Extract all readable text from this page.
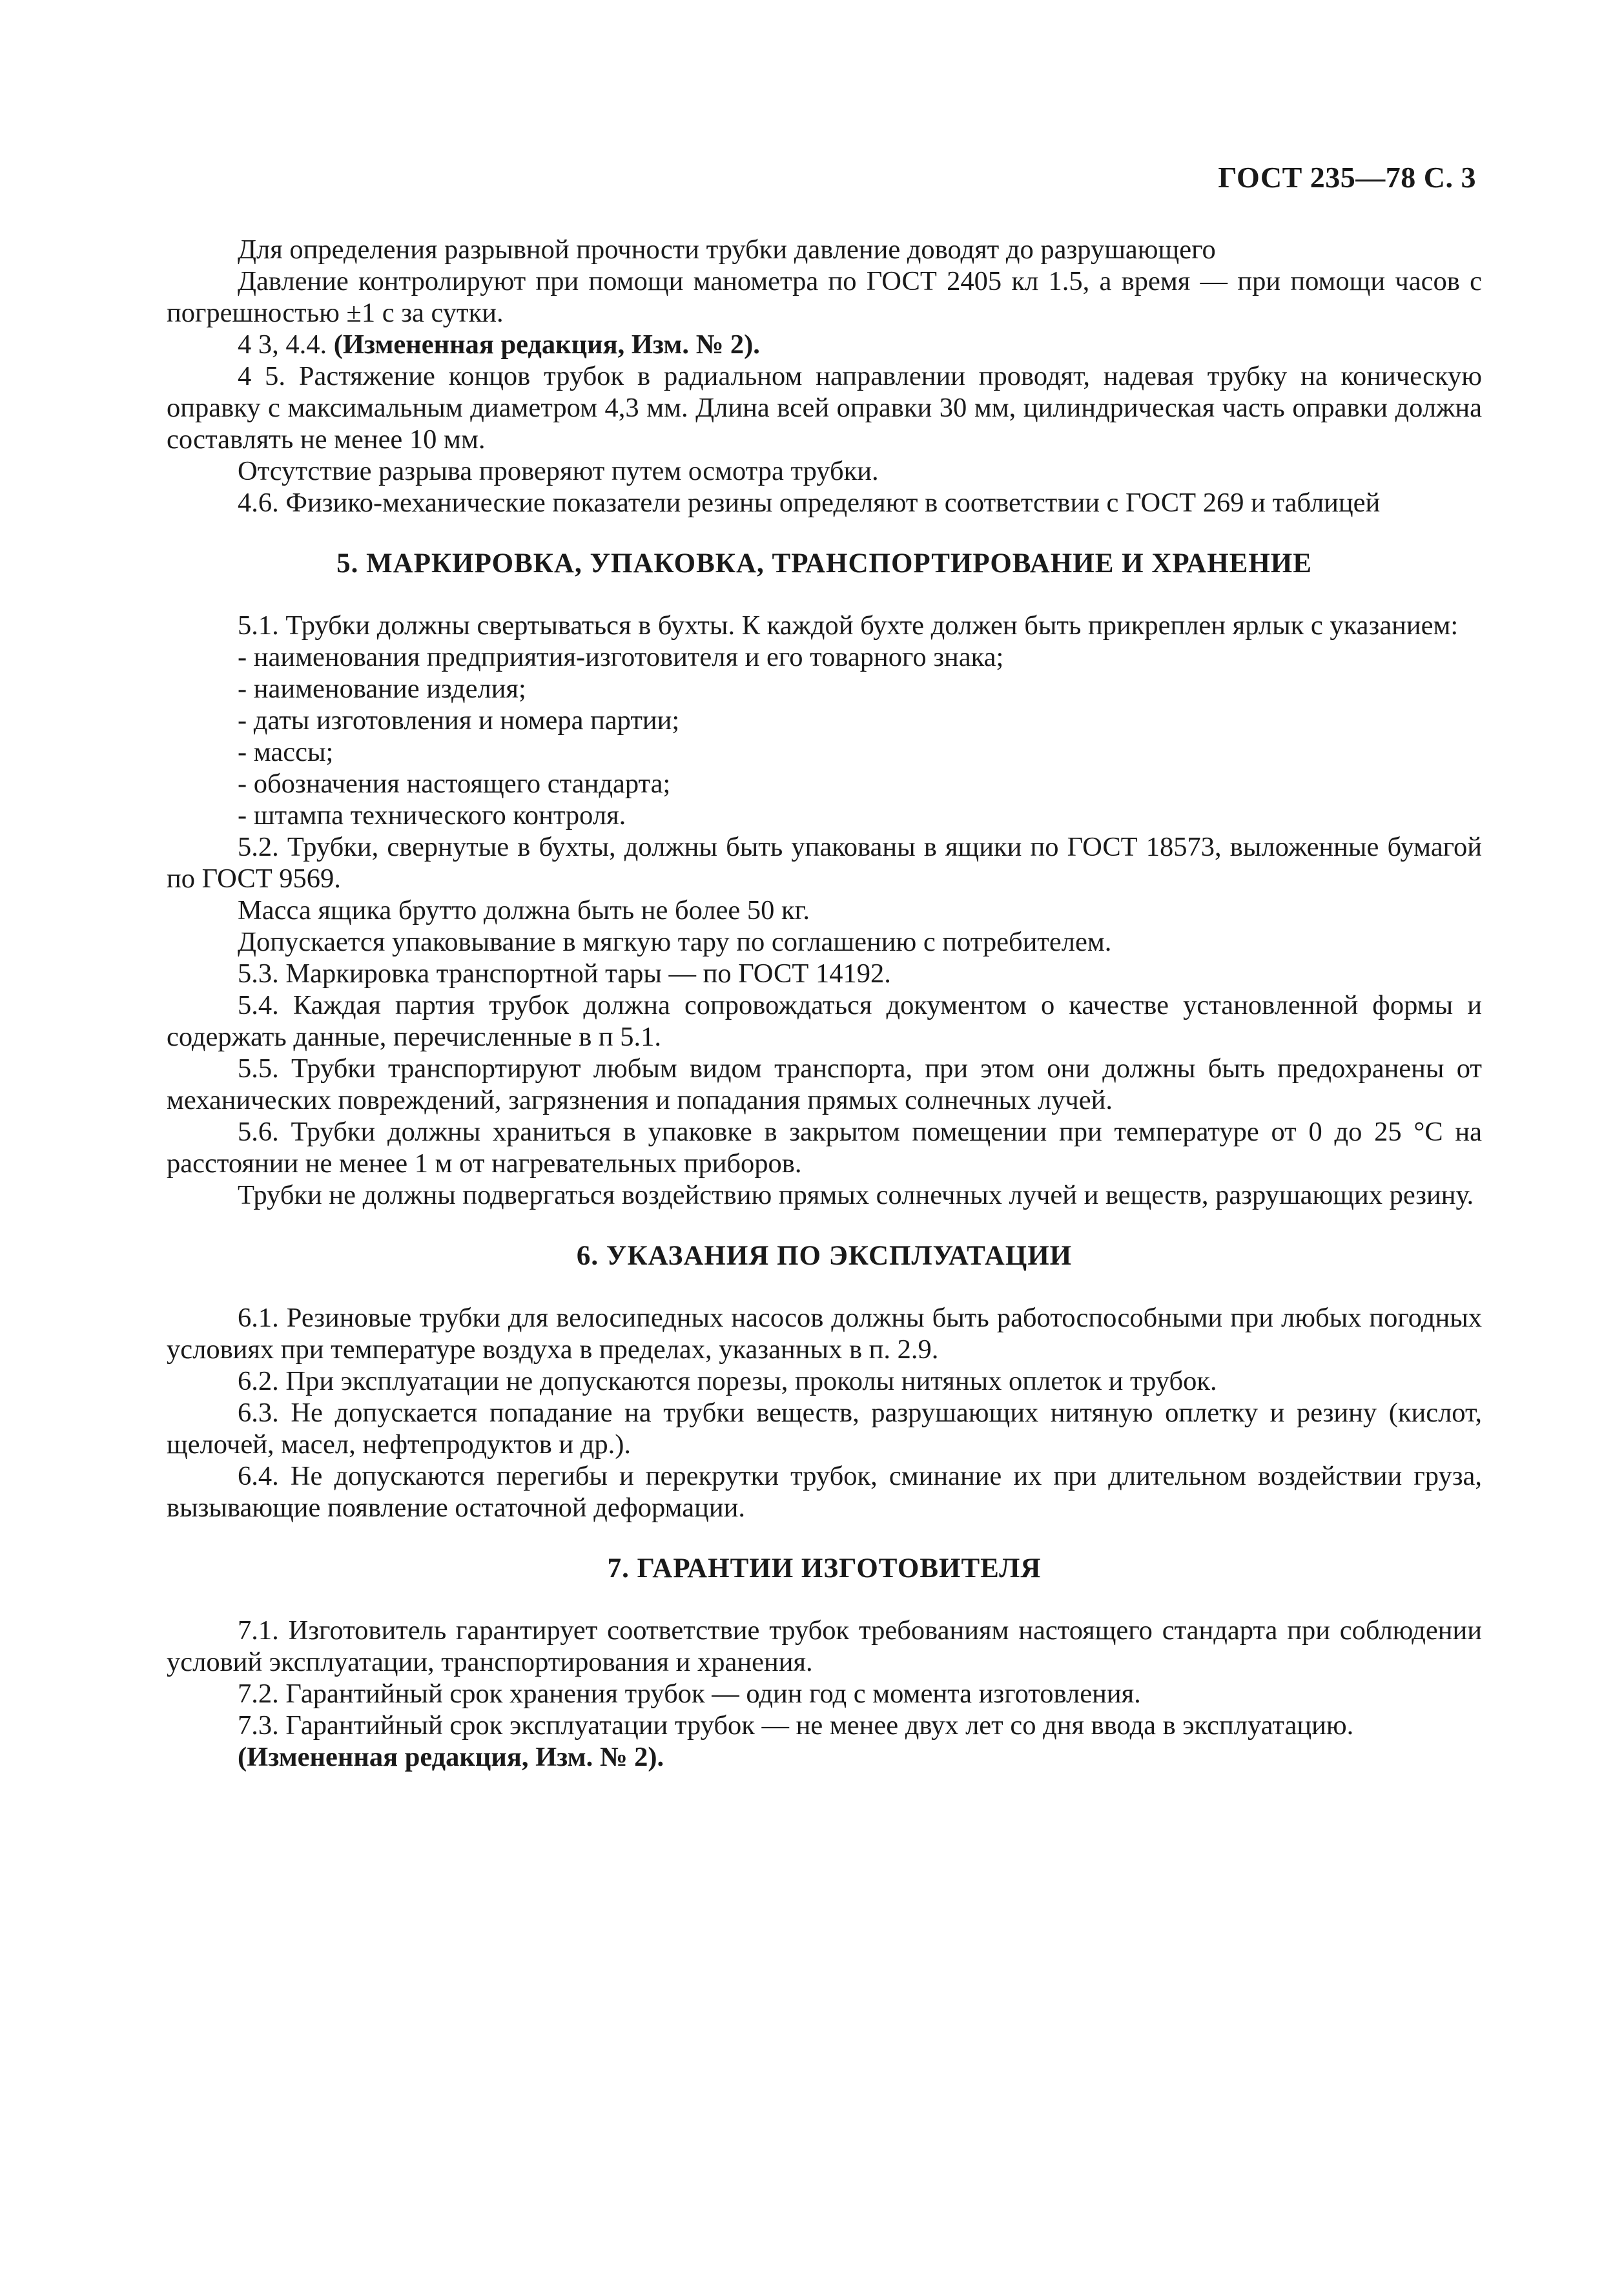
ГОСТ 235—78 С. 3

Для определения разрывной прочности трубки давление доводят до разрушающего

Давление контролируют при помощи манометра по ГОСТ 2405 кл 1.5, а время — при помощи часов с погрешностью ±1 с за сутки.

4 3, 4.4. (Измененная редакция, Изм. № 2).

4 5. Растяжение концов трубок в радиальном направлении проводят, надевая трубку на коническую оправку с максимальным диаметром 4,3 мм. Длина всей оправки 30 мм, цилиндрическая часть оправки должна составлять не менее 10 мм.

Отсутствие разрыва проверяют путем осмотра трубки.

4.6. Физико-механические показатели резины определяют в соответствии с ГОСТ 269 и таблицей

5. МАРКИРОВКА, УПАКОВКА, ТРАНСПОРТИРОВАНИЕ И ХРАНЕНИЕ

5.1. Трубки должны свертываться в бухты. К каждой бухте должен быть прикреплен ярлык с указанием:

- наименования предприятия-изготовителя и его товарного знака;

- наименование изделия;

- даты изготовления и номера партии;

- массы;

- обозначения настоящего стандарта;

- штампа технического контроля.

5.2. Трубки, свернутые в бухты, должны быть упакованы в ящики по ГОСТ 18573, выложенные бумагой по ГОСТ 9569.

Масса ящика брутто должна быть не более 50 кг.

Допускается упаковывание в мягкую тару по соглашению с потребителем.

5.3. Маркировка транспортной тары — по ГОСТ 14192.

5.4. Каждая партия трубок должна сопровождаться документом о качестве установленной формы и содержать данные, перечисленные в п 5.1.

5.5. Трубки транспортируют любым видом транспорта, при этом они должны быть предохранены от механических повреждений, загрязнения и попадания прямых солнечных лучей.

5.6. Трубки должны храниться в упаковке в закрытом помещении при температуре от 0 до 25 °С на расстоянии не менее 1 м от нагревательных приборов.

Трубки не должны подвергаться воздействию прямых солнечных лучей и веществ, разрушающих резину.

6. УКАЗАНИЯ ПО ЭКСПЛУАТАЦИИ

6.1. Резиновые трубки для велосипедных насосов должны быть работоспособными при любых погодных условиях при температуре воздуха в пределах, указанных в п. 2.9.

6.2. При эксплуатации не допускаются порезы, проколы нитяных оплеток и трубок.

6.3. Не допускается попадание на трубки веществ, разрушающих нитяную оплетку и резину (кислот, щелочей, масел, нефтепродуктов и др.).

6.4. Не допускаются перегибы и перекрутки трубок, сминание их при длительном воздействии груза, вызывающие появление остаточной деформации.

7. ГАРАНТИИ ИЗГОТОВИТЕЛЯ

7.1. Изготовитель гарантирует соответствие трубок требованиям настоящего стандарта при соблюдении условий эксплуатации, транспортирования и хранения.

7.2. Гарантийный срок хранения трубок — один год с момента изготовления.

7.3. Гарантийный срок эксплуатации трубок — не менее двух лет со дня ввода в эксплуатацию.

(Измененная редакция, Изм. № 2).
